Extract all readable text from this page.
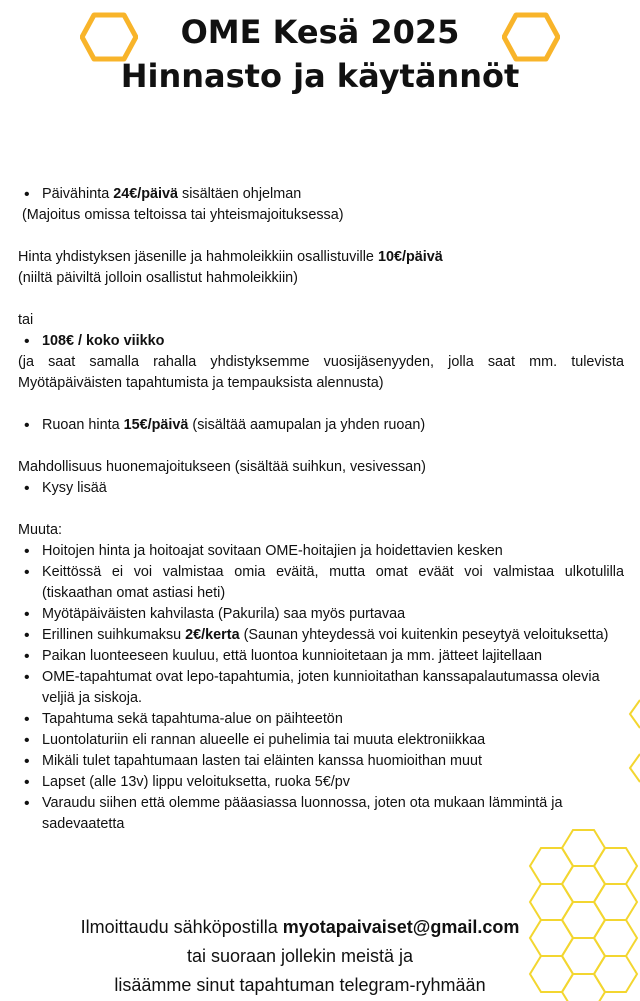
OME Kesä 2025
Hinnasto ja käytännöt

• Päivähinta 24€/päivä sisältäen ohjelman

(Majoitus omissa teltoissa tai yhteismajoituksessa)

Hinta yhdistyksen jäsenille ja hahmoleikkiin osallistuville 10€/päivä

(niiltä päiviltä jolloin osallistut hahmoleikkiin)

tai

• 108€ / koko viikko

(ja saat samalla rahalla yhdistyksemme vuosijäsenyyden, jolla saat mm. tulevista Myötäpäiväisten tapahtumista ja tempauksista alennusta)

• Ruoan hinta 15€/päivä (sisältää aamupalan ja yhden ruoan)

Mahdollisuus huonemajoitukseen (sisältää suihkun, vesivessan)

• Kysy lisää

Muuta:

• Hoitojen hinta ja hoitoajat sovitaan OME-hoitajien ja hoidettavien kesken

• Keittössä ei voi valmistaa omia eväitä, mutta omat eväät voi valmistaa ulkotulilla (tiskaathan omat astiasi heti)

• Myötäpäiväisten kahvilasta (Pakurila) saa myös purtavaa

• Erillinen suihkumaksu 2€/kerta (Saunan yhteydessä voi kuitenkin peseytyä veloituksetta)

• Paikan luonteeseen kuuluu, että luontoa kunnioitetaan ja mm. jätteet lajitellaan

• OME-tapahtumat ovat lepo-tapahtumia, joten kunnioitathan kanssapalautumassa olevia veljiä ja siskoja.

• Tapahtuma sekä tapahtuma-alue on päihteetön

• Luontolaturiin eli rannan alueelle ei puhelimia tai muuta elektroniikkaa

• Mikäli tulet tapahtumaan lasten tai eläinten kanssa huomioithan muut

• Lapset (alle 13v) lippu veloituksetta, ruoka 5€/pv

• Varaudu siihen että olemme pääasiassa luonnossa, joten ota mukaan lämmintä ja sadevaatetta

Ilmoittaudu sähköpostilla myotapaivaiset@gmail.com
tai suoraan jollekin meistä ja
lisäämme sinut tapahtuman telegram-ryhmään
